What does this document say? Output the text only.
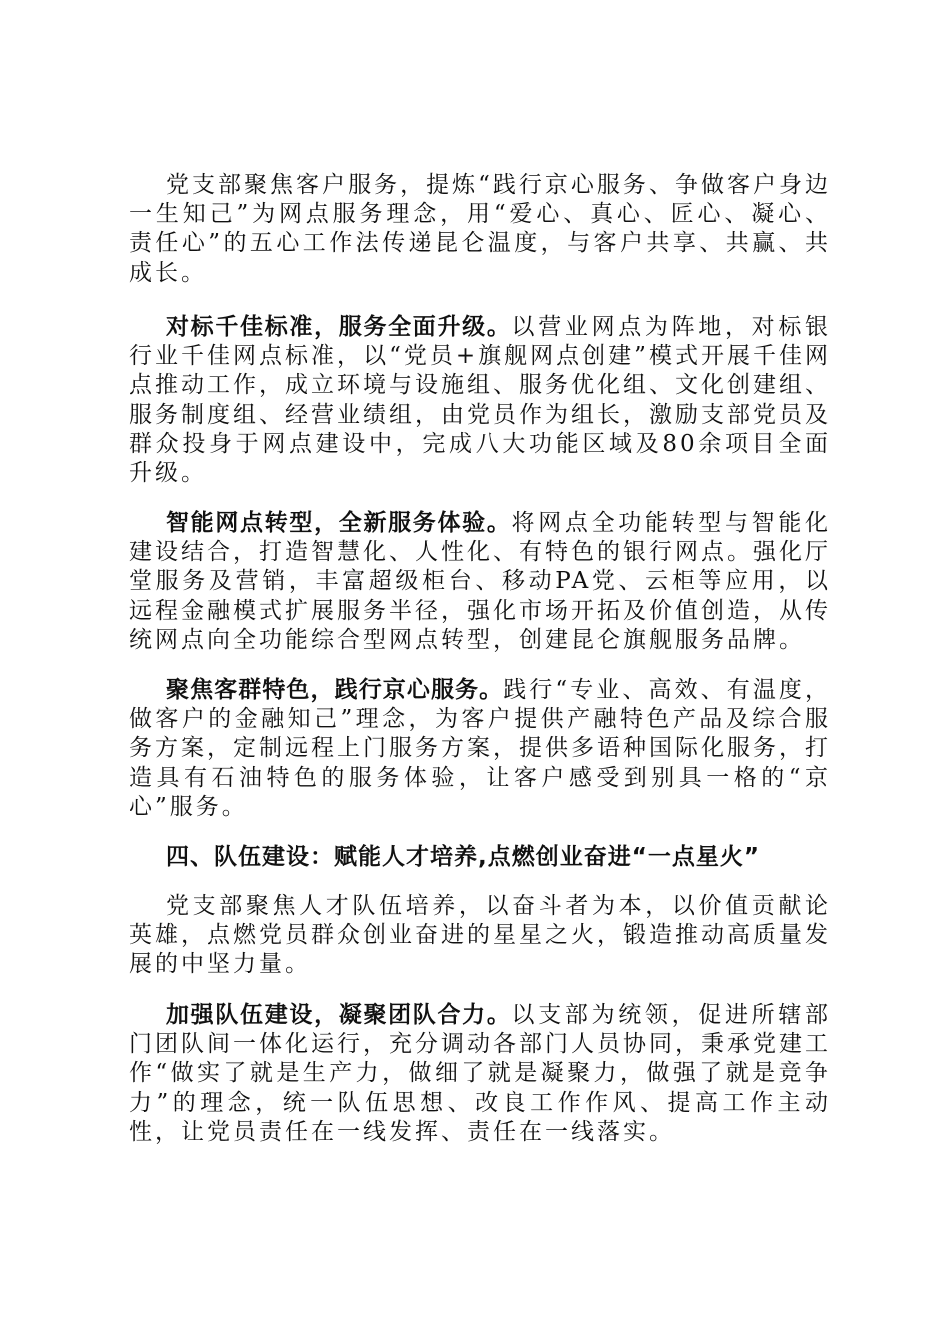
党支部聚焦客户服务，提炼“践行京心服务、争做客户身边一生知己”为网点服务理念，用“爱心、真心、匠心、凝心、责任心”的五心工作法传递昆仑温度，与客户共享、共赢、共成长。

对标千佳标准，服务全面升级。以营业网点为阵地，对标银行业千佳网点标准，以“党员+旗舰网点创建”模式开展千佳网点推动工作，成立环境与设施组、服务优化组、文化创建组、服务制度组、经营业绩组，由党员作为组长，激励支部党员及群众投身于网点建设中，完成八大功能区域及80余项目全面升级。

智能网点转型，全新服务体验。将网点全功能转型与智能化建设结合，打造智慧化、人性化、有特色的银行网点。强化厅堂服务及营销，丰富超级柜台、移动PA党、云柜等应用，以远程金融模式扩展服务半径，强化市场开拓及价值创造，从传统网点向全功能综合型网点转型，创建昆仑旗舰服务品牌。

聚焦客群特色，践行京心服务。践行“专业、高效、有温度，做客户的金融知己”理念，为客户提供产融特色产品及综合服务方案，定制远程上门服务方案，提供多语种国际化服务，打造具有石油特色的服务体验，让客户感受到别具一格的“京心”服务。

四、队伍建设：赋能人才培养,点燃创业奋进“一点星火”

党支部聚焦人才队伍培养，以奋斗者为本，以价值贡献论英雄，点燃党员群众创业奋进的星星之火，锻造推动高质量发展的中坚力量。

加强队伍建设，凝聚团队合力。以支部为统领，促进所辖部门团队间一体化运行，充分调动各部门人员协同，秉承党建工作“做实了就是生产力，做细了就是凝聚力，做强了就是竞争力”的理念，统一队伍思想、改良工作作风、提高工作主动性，让党员责任在一线发挥、责任在一线落实。
